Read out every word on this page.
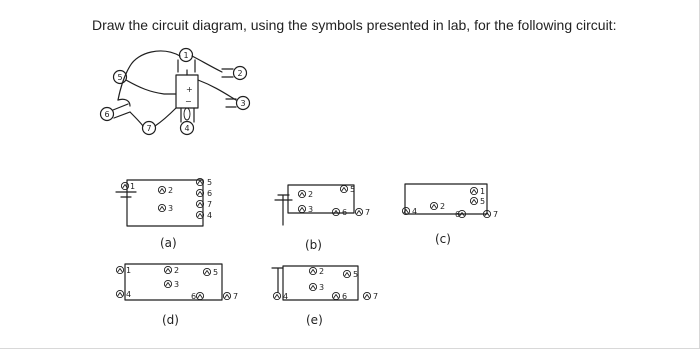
Draw the circuit diagram, using the symbols presented in lab, for the following circuit:
+
−
1
2
3
5
6
7	4
1	2
3
5
6
7
4
(a)
2
3
5
6 7
(b)
4
2
1
5
6	7
(c)
1
4
2
3
5
6	7
(d)
4
2
3
5
6	7
(e)
